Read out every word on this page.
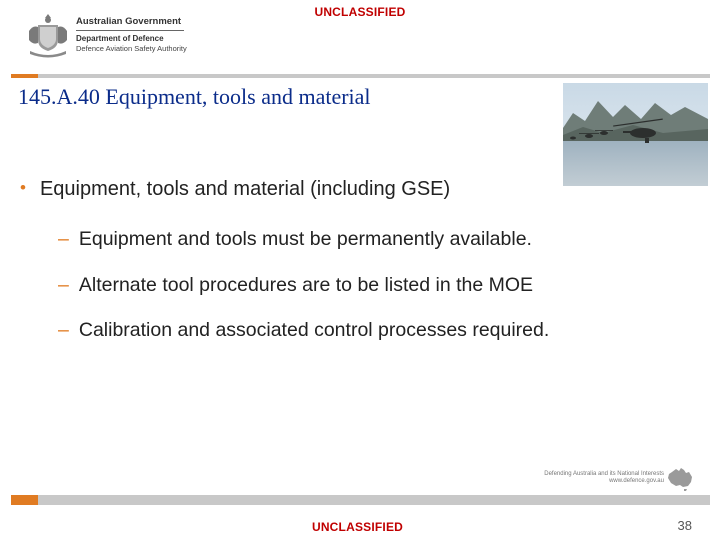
UNCLASSIFIED
Australian Government
Department of Defence
Defence Aviation Safety Authority
145.A.40 Equipment, tools and material
• Equipment, tools and material (including GSE)
– Equipment and tools must be permanently available.
– Alternate tool procedures are to be listed in the MOE
– Calibration and associated control processes required.
Defending Australia and its National Interests
www.defence.gov.au
UNCLASSIFIED	38
